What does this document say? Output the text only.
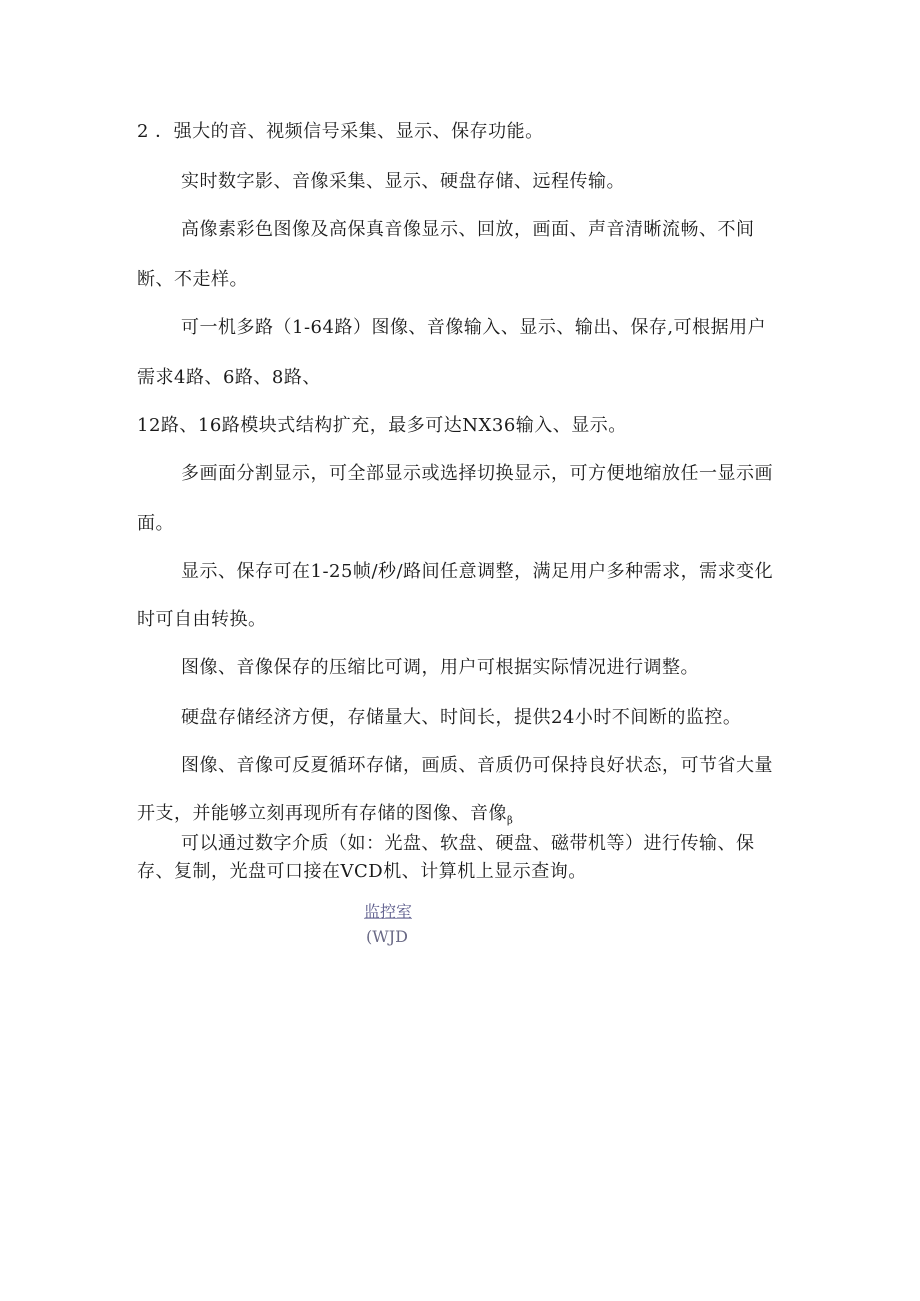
2 ．强大的音、视频信号采集、显示、保存功能。
实时数字影、音像采集、显示、硬盘存储、远程传输。
高像素彩色图像及高保真音像显示、回放，画面、声音清晰流畅、不间
断、不走样。
可一机多路（1-64路）图像、音像输入、显示、输出、保存,可根据用户
需求4路、6路、8路、
12路、16路模块式结构扩充，最多可达NX36输入、显示。
多画面分割显示，可全部显示或选择切换显示，可方便地缩放任一显示画
面。
显示、保存可在1-25帧/秒/路间任意调整，满足用户多种需求，需求变化
时可自由转换。
图像、音像保存的压缩比可调，用户可根据实际情况进行调整。
硬盘存储经济方便，存储量大、时间长，提供24小时不间断的监控。
图像、音像可反夏循环存储，画质、音质仍可保持良好状态，可节省大量
开支，并能够立刻再现所有存储的图像、音像$_\beta$
可以通过数字介质（如：光盘、软盘、硬盘、磁带机等）进行传输、保
存、复制，光盘可口接在VCD机、计算机上显示查询。
监控室
(WJD
